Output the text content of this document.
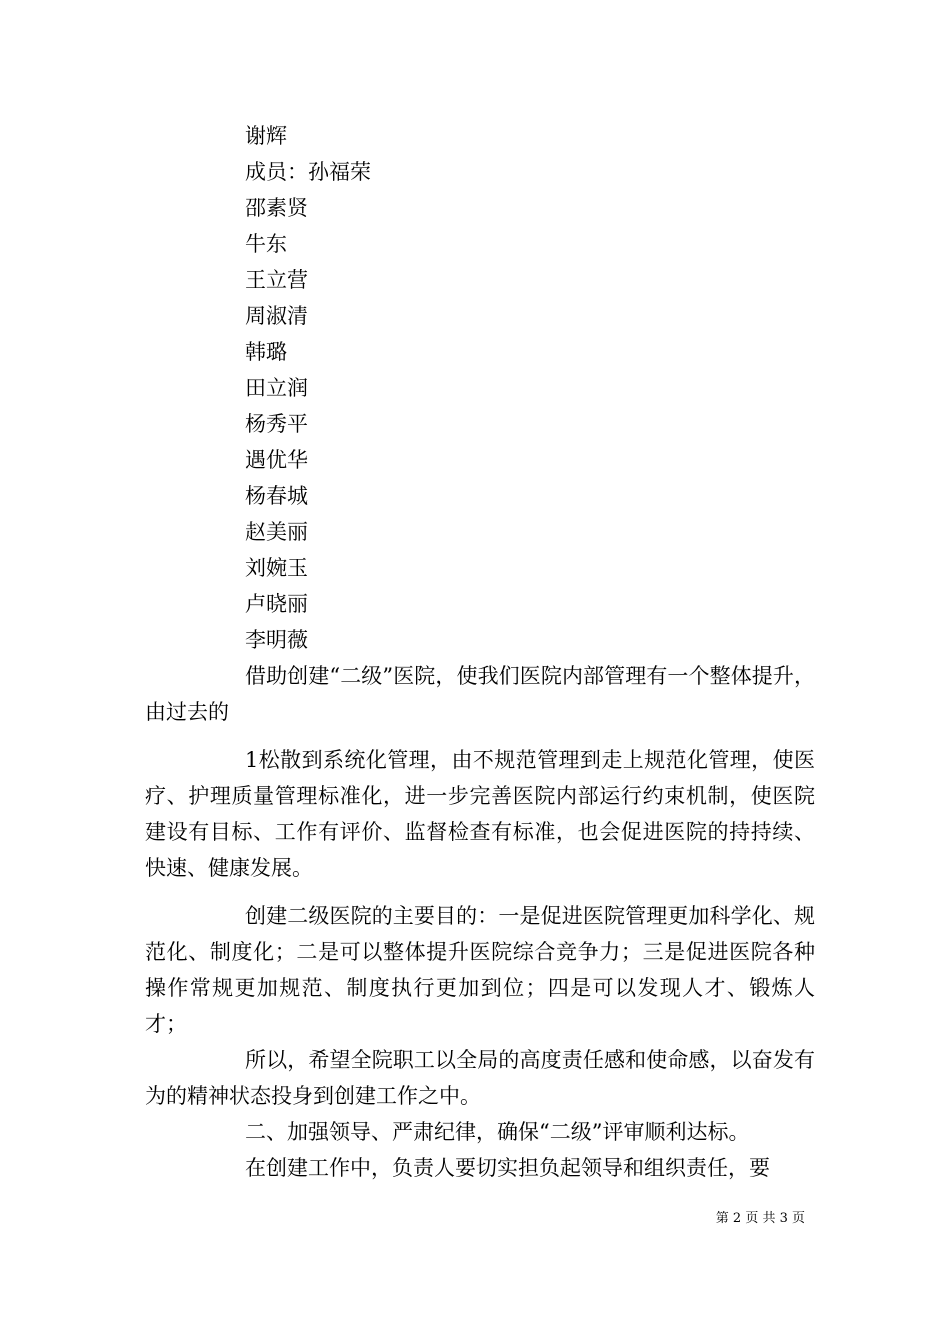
谢辉
成员：孙福荣
邵素贤
牛东
王立营
周淑清
韩璐
田立润
杨秀平
遇优华
杨春城
赵美丽
刘婉玉
卢晓丽
李明薇

借助创建“二级”医院，使我们医院内部管理有一个整体提升，由过去的

1松散到系统化管理，由不规范管理到走上规范化管理，使医疗、护理质量管理标准化，进一步完善医院内部运行约束机制，使医院建设有目标、工作有评价、监督检查有标准，也会促进医院的持持续、快速、健康发展。

创建二级医院的主要目的：一是促进医院管理更加科学化、规范化、制度化；二是可以整体提升医院综合竞争力；三是促进医院各种操作常规更加规范、制度执行更加到位；四是可以发现人才、锻炼人才；

所以，希望全院职工以全局的高度责任感和使命感，以奋发有为的精神状态投身到创建工作之中。

二、加强领导、严肃纪律，确保“二级”评审顺利达标。

在创建工作中，负责人要切实担负起领导和组织责任，要

第 2 页 共 3 页
